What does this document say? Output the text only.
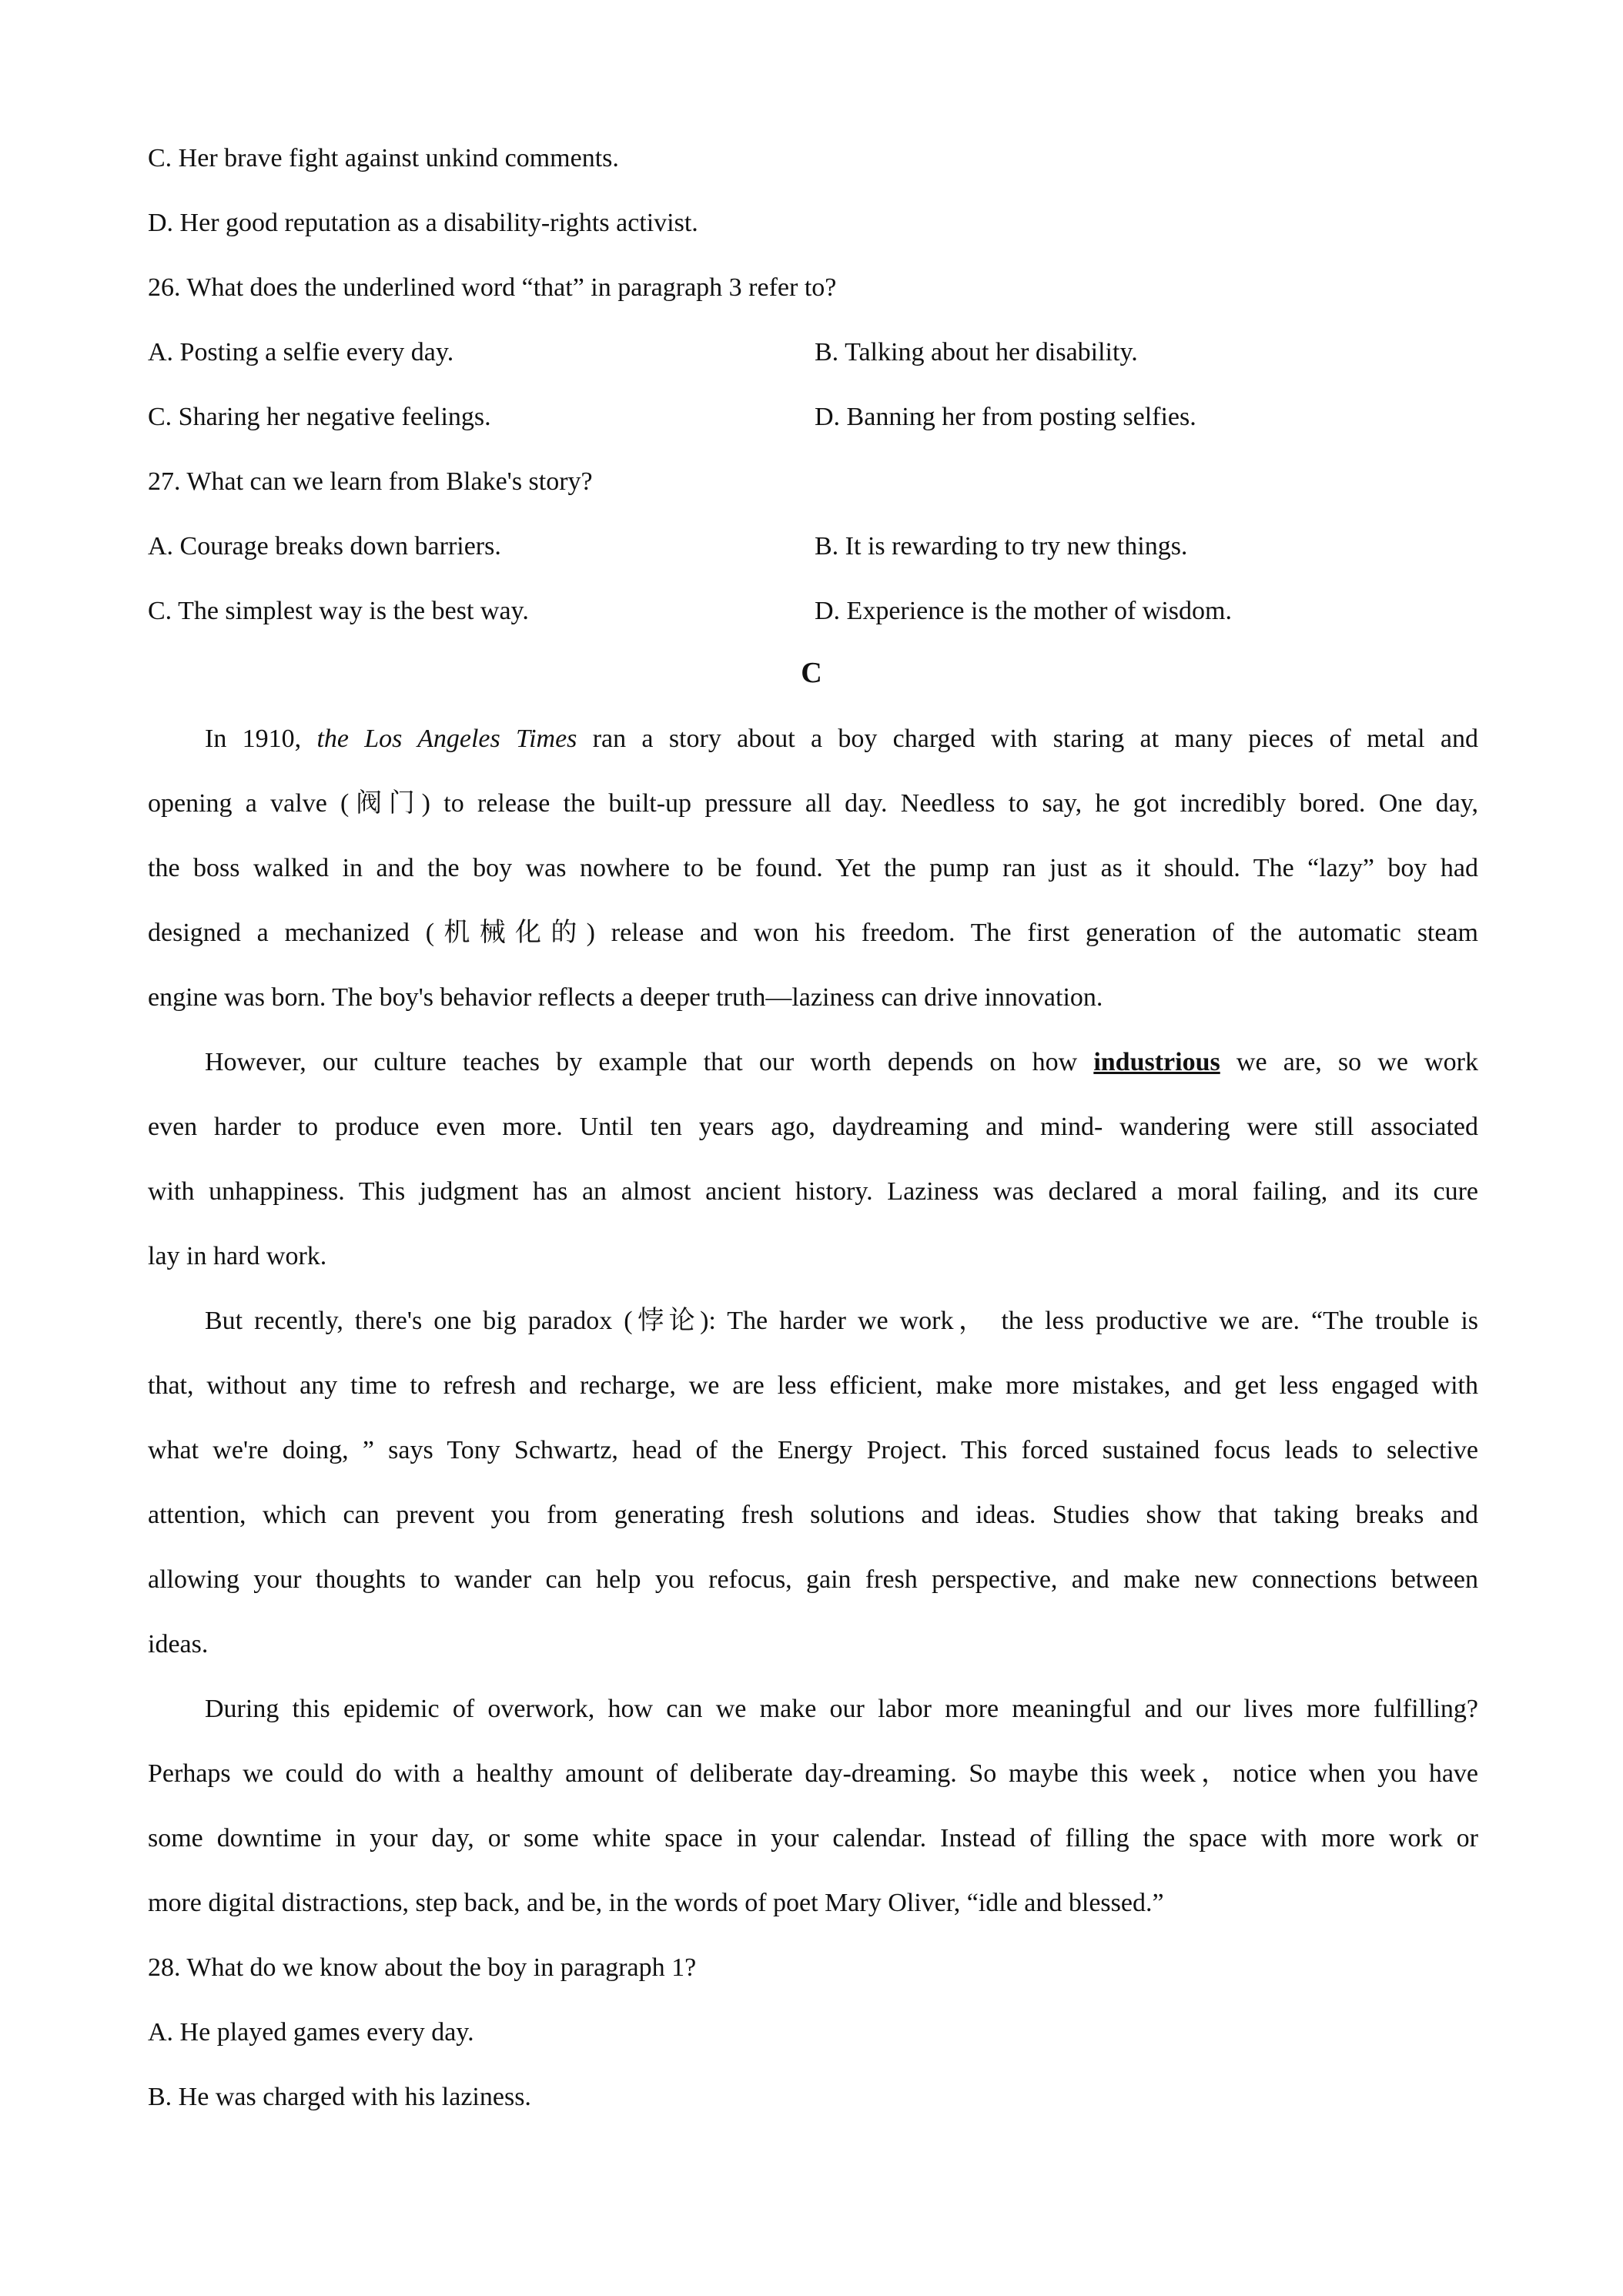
C. Her brave fight against unkind comments.
D. Her good reputation as a disability-rights activist.
26. What does the underlined word “that” in paragraph 3 refer to?
A. Posting a selfie every day.	B. Talking about her disability.
C. Sharing her negative feelings.	D. Banning her from posting selfies.
27. What can we learn from Blake's story?
A. Courage breaks down barriers.	B. It is rewarding to try new things.
C. The simplest way is the best way.	D. Experience is the mother of wisdom.
C
In 1910, the Los Angeles Times ran a story about a boy charged with staring at many pieces of metal and
opening a valve (阀门) to release the built-up pressure all day. Needless to say, he got incredibly bored. One day,
the boss walked in and the boy was nowhere to be found. Yet the pump ran just as it should. The “lazy” boy had
designed a mechanized (机械化的) release and won his freedom. The first generation of the automatic steam
engine was born. The boy's behavior reflects a deeper truth—laziness can drive innovation.
However, our culture teaches by example that our worth depends on how industrious we are, so we work
even harder to produce even more. Until ten years ago, daydreaming and mind- wandering were still associated
with unhappiness. This judgment has an almost ancient history. Laziness was declared a moral failing, and its cure
lay in hard work.
But recently, there's one big paradox (悖论): The harder we work， the less productive we are. “The trouble is
that, without any time to refresh and recharge, we are less efficient, make more mistakes, and get less engaged with
what we're doing, ” says Tony Schwartz, head of the Energy Project. This forced sustained focus leads to selective
attention, which can prevent you from generating fresh solutions and ideas. Studies show that taking breaks and
allowing your thoughts to wander can help you refocus, gain fresh perspective, and make new connections between
ideas.
During this epidemic of overwork, how can we make our labor more meaningful and our lives more fulfilling?
Perhaps we could do with a healthy amount of deliberate day-dreaming. So maybe this week，notice when you have
some downtime in your day, or some white space in your calendar. Instead of filling the space with more work or
more digital distractions, step back, and be, in the words of poet Mary Oliver, “idle and blessed.”
28. What do we know about the boy in paragraph 1?
A. He played games every day.
B. He was charged with his laziness.
